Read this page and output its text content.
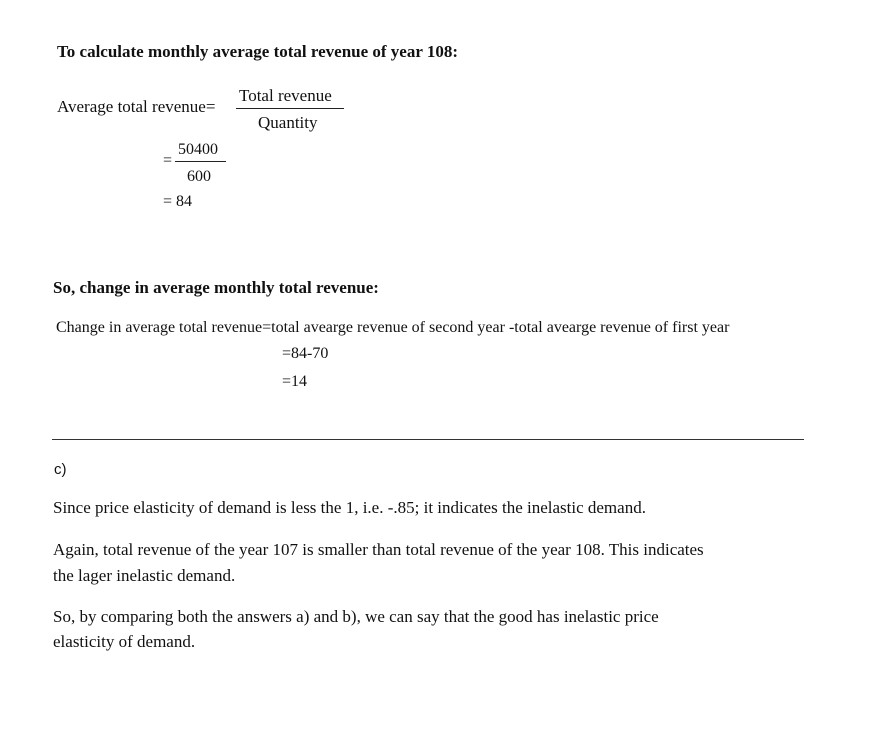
To calculate monthly average total revenue of year 108:
Average total revenue=
Total revenue
Quantity
=
50400
600
= 84
So, change in average monthly total revenue:
Change in average total revenue=total avearge revenue of second year -total avearge revenue of first year
=84-70
=14
c)
Since price elasticity of demand is less the 1, i.e. -.85; it indicates the inelastic demand.
Again, total revenue of the year 107 is smaller than total revenue of the year 108. This indicates
the lager inelastic demand.
So, by comparing both the answers a) and b), we can say that the good has inelastic price
elasticity of demand.
